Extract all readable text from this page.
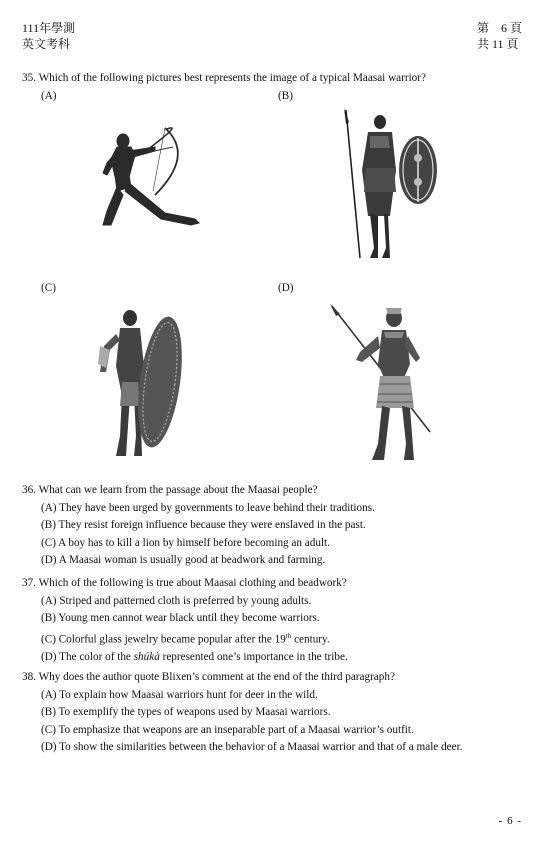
111年學測
英文考科
第　6 頁
共 11 頁
35. Which of the following pictures best represents the image of a typical Maasai warrior?
(A)	(B)
(C)	(D)
36. What can we learn from the passage about the Maasai people?
(A) They have been urged by governments to leave behind their traditions.
(B) They resist foreign influence because they were enslaved in the past.
(C) A boy has to kill a lion by himself before becoming an adult.
(D) A Maasai woman is usually good at beadwork and farming.
37. Which of the following is true about Maasai clothing and beadwork?
(A) Striped and patterned cloth is preferred by young adults.
(B) Young men cannot wear black until they become warriors.
(C) Colorful glass jewelry became popular after the 19th century.
(D) The color of the shúkà represented one’s importance in the tribe.
38. Why does the author quote Blixen’s comment at the end of the third paragraph?
(A) To explain how Maasai warriors hunt for deer in the wild.
(B) To exemplify the types of weapons used by Maasai warriors.
(C) To emphasize that weapons are an inseparable part of a Maasai warrior’s outfit.
(D) To show the similarities between the behavior of a Maasai warrior and that of a male deer.
- 6 -
